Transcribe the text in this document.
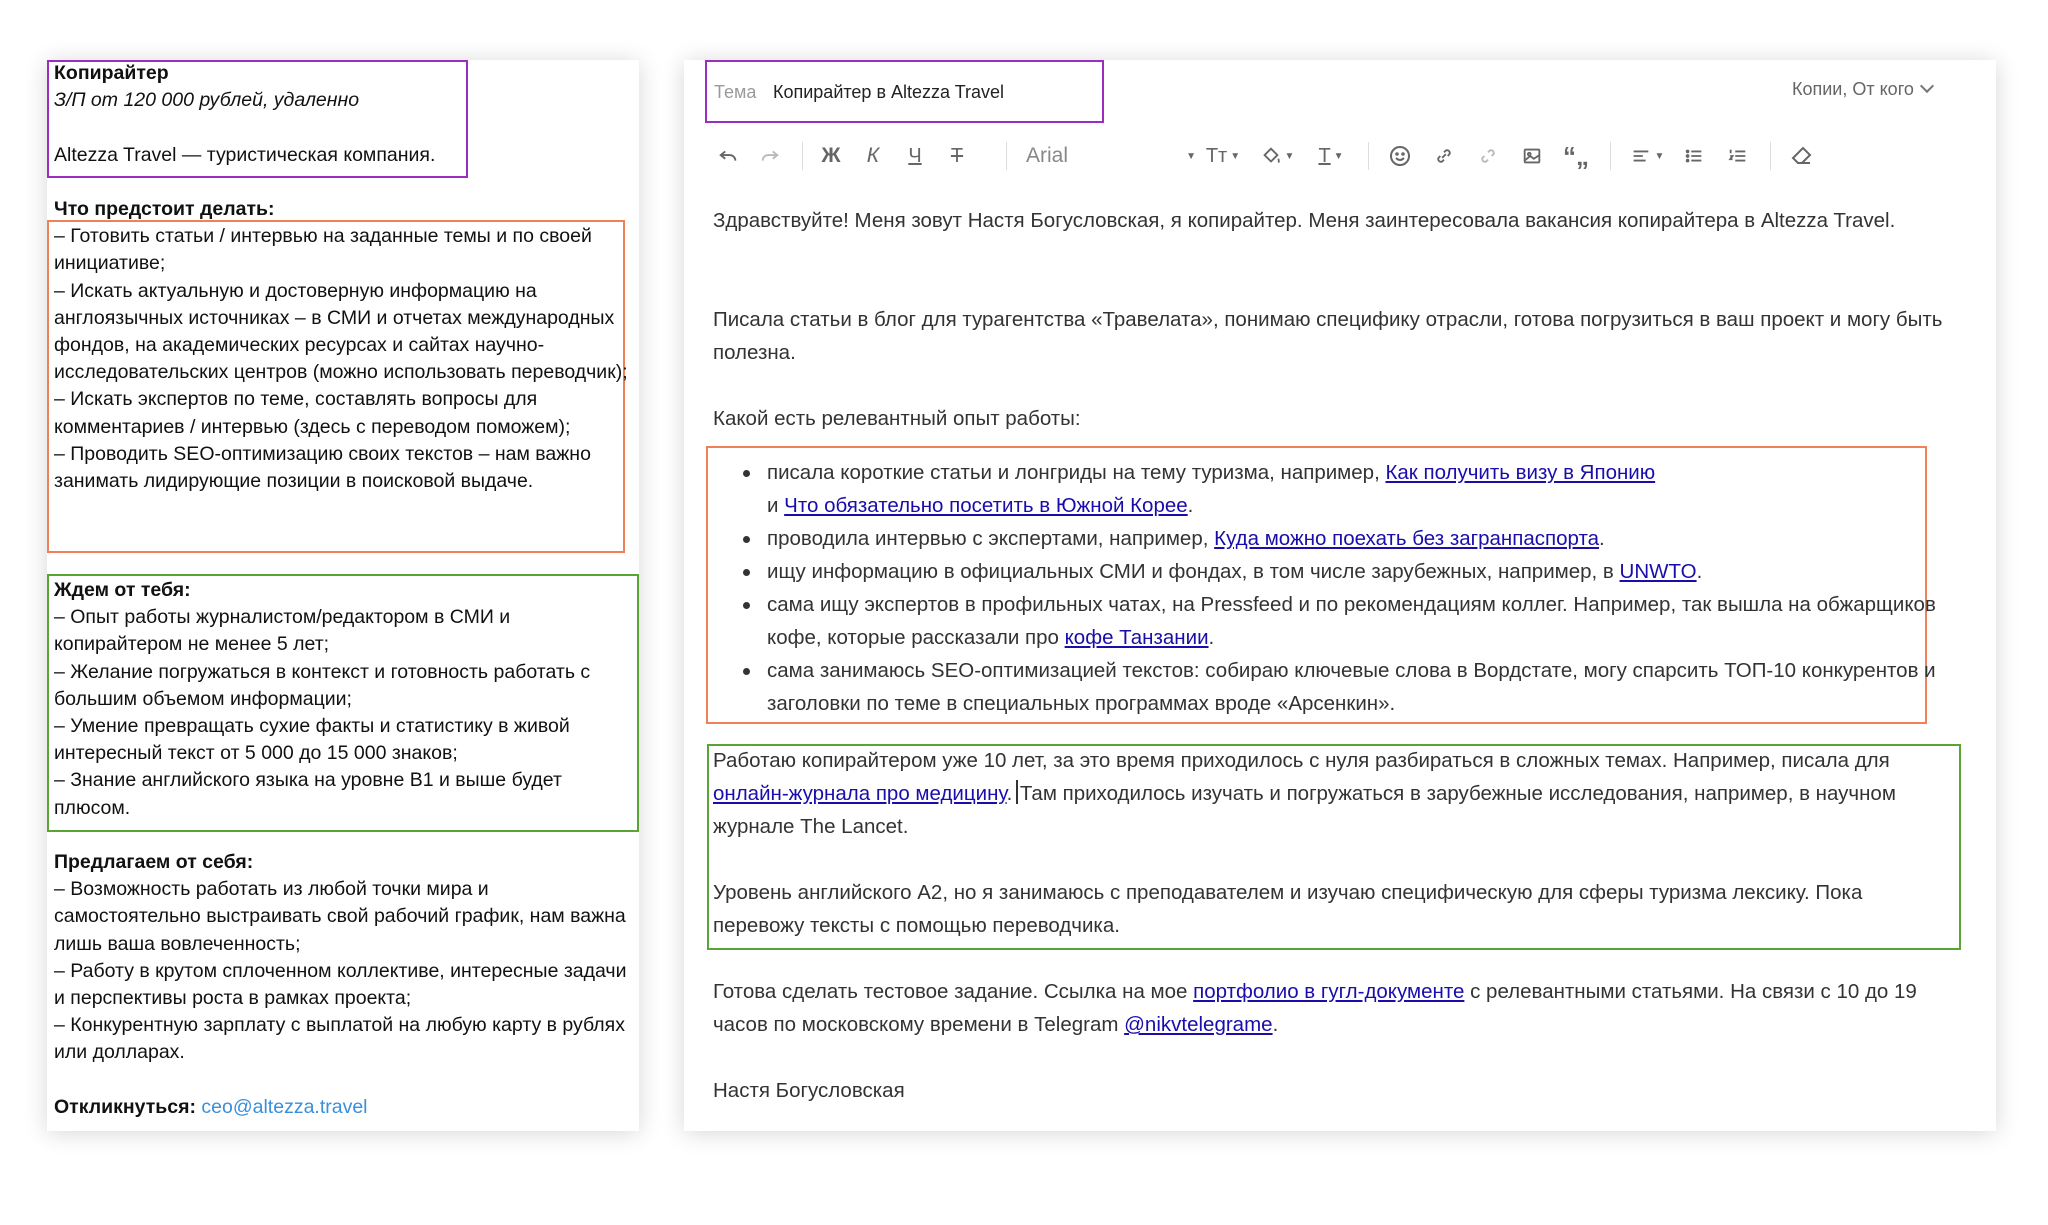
Копирайтер

З/П от 120 000 рублей, удаленно

Altezza Travel — туристическая компания.

Что предстоит делать:

– Готовить статьи / интервью на заданные темы и по своей инициативе;

– Искать актуальную и достоверную информацию на англоязычных источниках – в СМИ и отчетах международных фондов, на академических ресурсах и сайтах научно-исследовательских центров (можно использовать переводчик);

– Искать экспертов по теме, составлять вопросы для комментариев / интервью (здесь с переводом поможем);

– Проводить SEO-оптимизацию своих текстов – нам важно занимать лидирующие позиции в поисковой выдаче.

Ждем от тебя:

– Опыт работы журналистом/редактором в СМИ и копирайтером не менее 5 лет;

– Желание погружаться в контекст и готовность работать с большим объемом информации;

– Умение превращать сухие факты и статистику в живой интересный текст от 5 000 до 15 000 знаков;

– Знание английского языка на уровне B1 и выше будет плюсом.

Предлагаем от себя:

– Возможность работать из любой точки мира и самостоятельно выстраивать свой рабочий график, нам важна лишь ваша вовлеченность;

– Работу в крутом сплоченном коллективе, интересные задачи и перспективы роста в рамках проекта;

– Конкурентную зарплату с выплатой на любую карту в рублях или долларах.

Откликнуться: ceo@altezza.travel

Тема Копирайтер в Altezza Travel	Копии, От кого
Ж	К	Ч	T	Arial	▼ Tт ▼	▼ T ▼	“„	▼
Здравствуйте! Меня зовут Настя Богусловская, я копирайтер. Меня заинтересовала вакансия копирайтера в Altezza Travel.
Писала статьи в блог для турагентства «Травелата», понимаю специфику отрасли, готова погрузиться в ваш проект и могу быть полезна.
Какой есть релевантный опыт работы:
писала короткие статьи и лонгриды на тему туризма, например, Как получить визу в Японию
и Что обязательно посетить в Южной Корее.
проводила интервью с экспертами, например, Куда можно поехать без загранпаспорта.
ищу информацию в официальных СМИ и фондах, в том числе зарубежных, например, в UNWTO.
сама ищу экспертов в профильных чатах, на Pressfeed и по рекомендациям коллег. Например, так вышла на обжарщиков кофе, которые рассказали про кофе Танзании.
сама занимаюсь SEO-оптимизацией текстов: собираю ключевые слова в Вордстате, могу спарсить ТОП-10 конкурентов и заголовки по теме в специальных программах вроде «Арсенкин».
Работаю копирайтером уже 10 лет, за это время приходилось с нуля разбираться в сложных темах. Например, писала для онлайн-журнала про медицину. Там приходилось изучать и погружаться в зарубежные исследования, например, в научном журнале The Lancet.
Уровень английского А2, но я занимаюсь с преподавателем и изучаю специфическую для сферы туризма лексику. Пока перевожу тексты с помощью переводчика.
Готова сделать тестовое задание. Ссылка на мое портфолио в гугл-документе с релевантными статьями. На связи с 10 до 19 часов по московскому времени в Telegram @nikvtelegrame.
Настя Богусловская
